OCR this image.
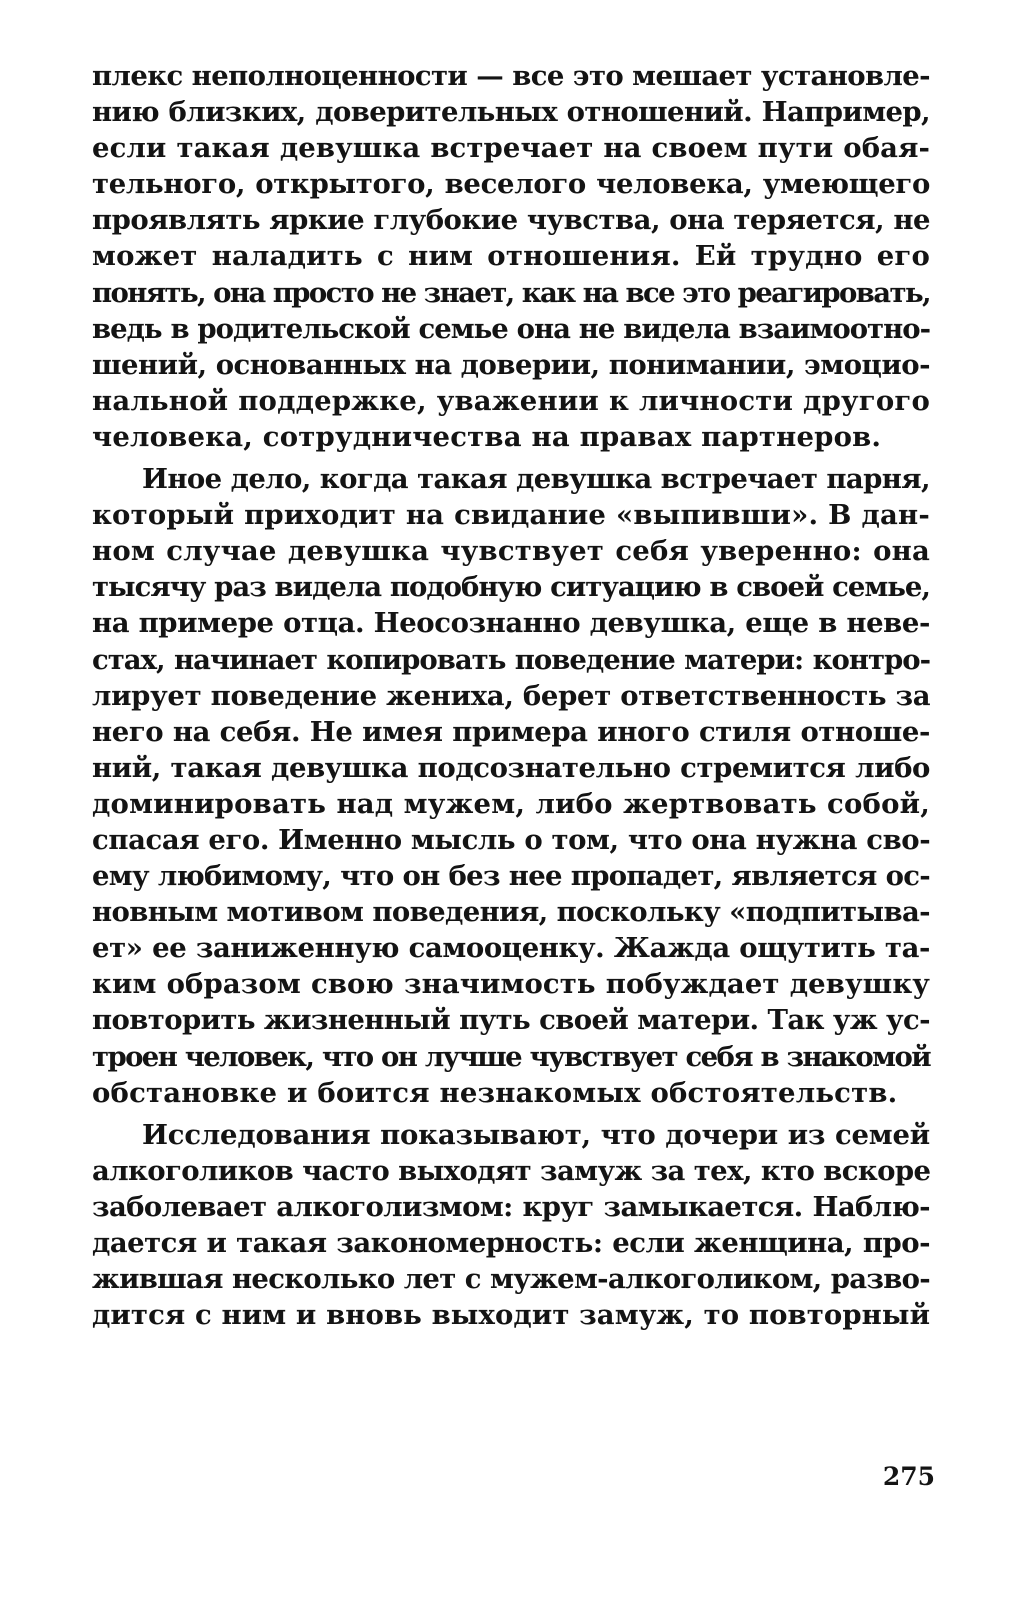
плекс неполноценности — все это мешает установле-
нию близких, доверительных отношений. Например,
если такая девушка встречает на своем пути обая-
тельного, открытого, веселого человека, умеющего
проявлять яркие глубокие чувства, она теряется, не
может наладить с ним отношения. Ей трудно его
понять, она просто не знает, как на все это реагировать,
ведь в родительской семье она не видела взаимоотно-
шений, основанных на доверии, понимании, эмоцио-
нальной поддержке, уважении к личности другого
человека, сотрудничества на правах партнеров.
Иное дело, когда такая девушка встречает парня,
который приходит на свидание «выпивши». В дан-
ном случае девушка чувствует себя уверенно: она
тысячу раз видела подобную ситуацию в своей семье,
на примере отца. Неосознанно девушка, еще в неве-
стах, начинает копировать поведение матери: контро-
лирует поведение жениха, берет ответственность за
него на себя. Не имея примера иного стиля отноше-
ний, такая девушка подсознательно стремится либо
доминировать над мужем, либо жертвовать собой,
спасая его. Именно мысль о том, что она нужна сво-
ему любимому, что он без нее пропадет, является ос-
новным мотивом поведения, поскольку «подпитыва-
ет» ее заниженную самооценку. Жажда ощутить та-
ким образом свою значимость побуждает девушку
повторить жизненный путь своей матери. Так уж ус-
троен человек, что он лучше чувствует себя в знакомой
обстановке и боится незнакомых обстоятельств.
Исследования показывают, что дочери из семей
алкоголиков часто выходят замуж за тех, кто вскоре
заболевает алкоголизмом: круг замыкается. Наблю-
дается и такая закономерность: если женщина, про-
жившая несколько лет с мужем-алкоголиком, разво-
дится с ним и вновь выходит замуж, то повторный
275
